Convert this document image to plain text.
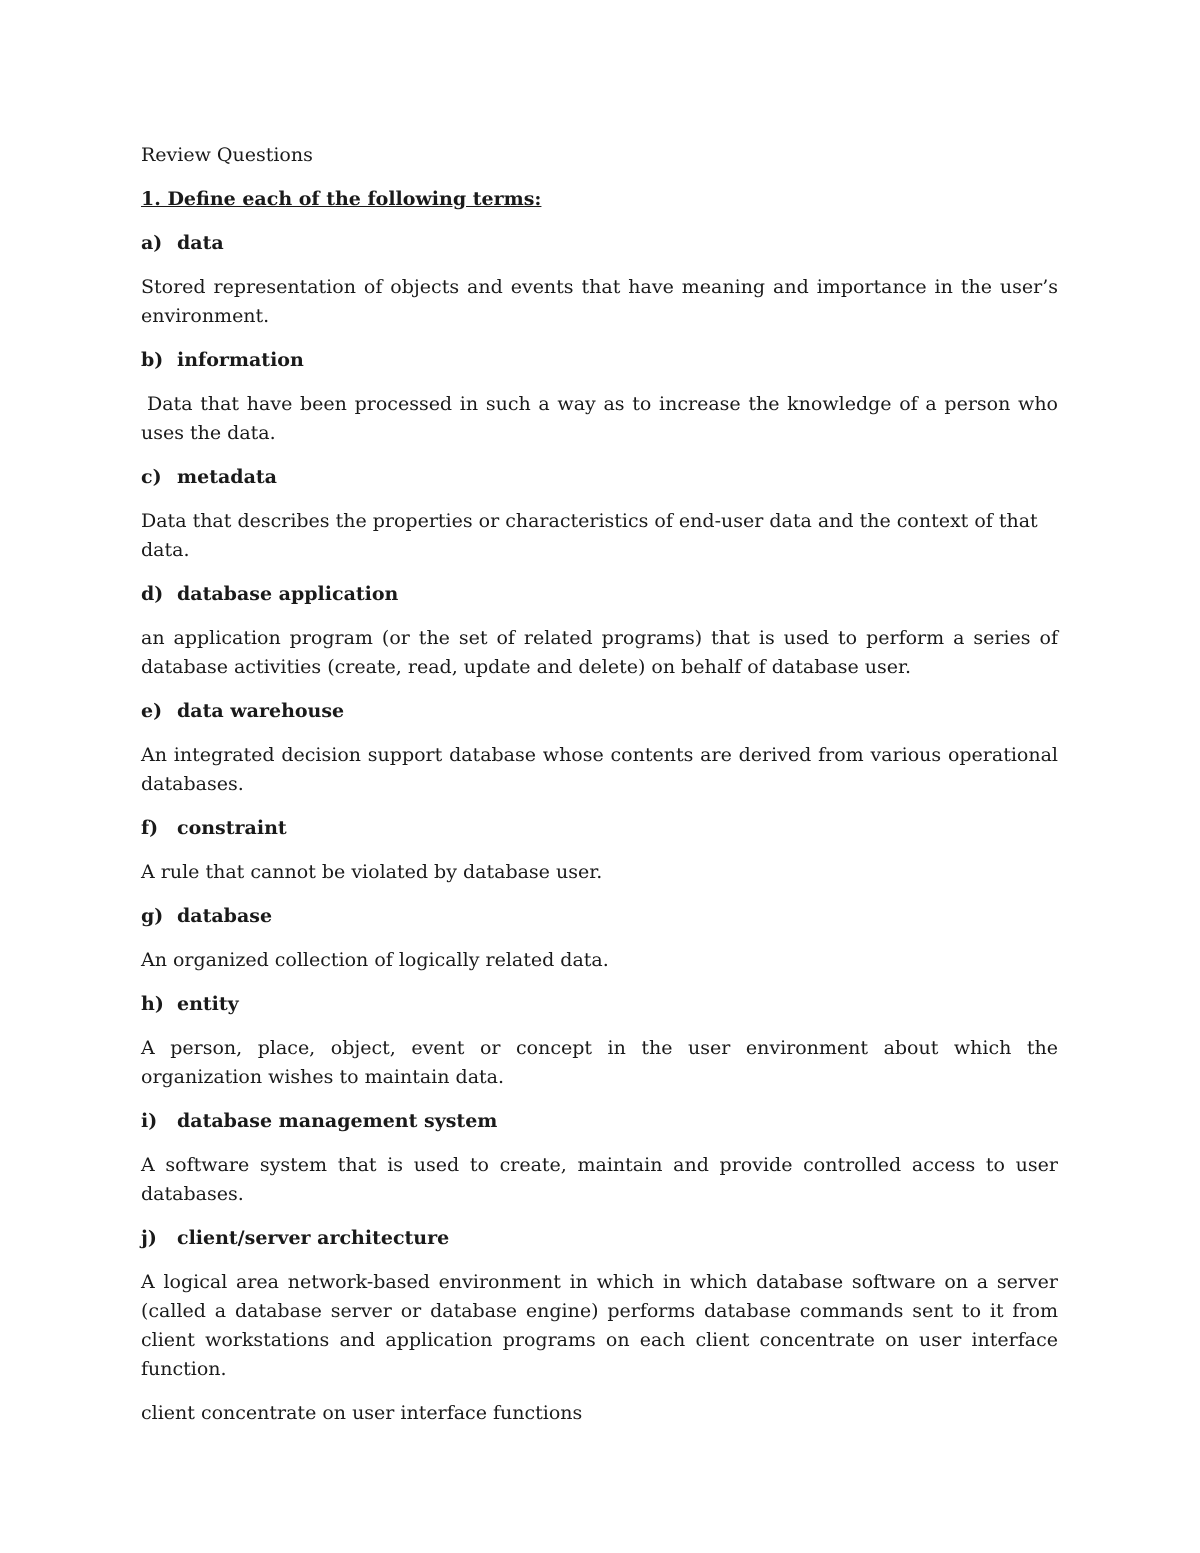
Review Questions
1. Define each of the following terms:
a) data
Stored representation of objects and events that have meaning and importance in the user’s environment.
b) information
Data that have been processed in such a way as to increase the knowledge of a person who uses the data.
c) metadata
Data that describes the properties or characteristics of end-user data and the context of that data.
d) database application
an application program (or the set of related programs) that is used to perform a series of database activities (create, read, update and delete) on behalf of database user.
e) data warehouse
An integrated decision support database whose contents are derived from various operational databases.
f) constraint
A rule that cannot be violated by database user.
g) database
An organized collection of logically related data.
h) entity
A person, place, object, event or concept in the user environment about which the organization wishes to maintain data.
i)	database management system
A software system that is used to create, maintain and provide controlled access to user databases.
j)	client/server architecture
A logical area network-based environment in which in which database software on a server (called a database server or database engine) performs database commands sent to it from client workstations and application programs on each client concentrate on user interface function.
client concentrate on user interface functions
